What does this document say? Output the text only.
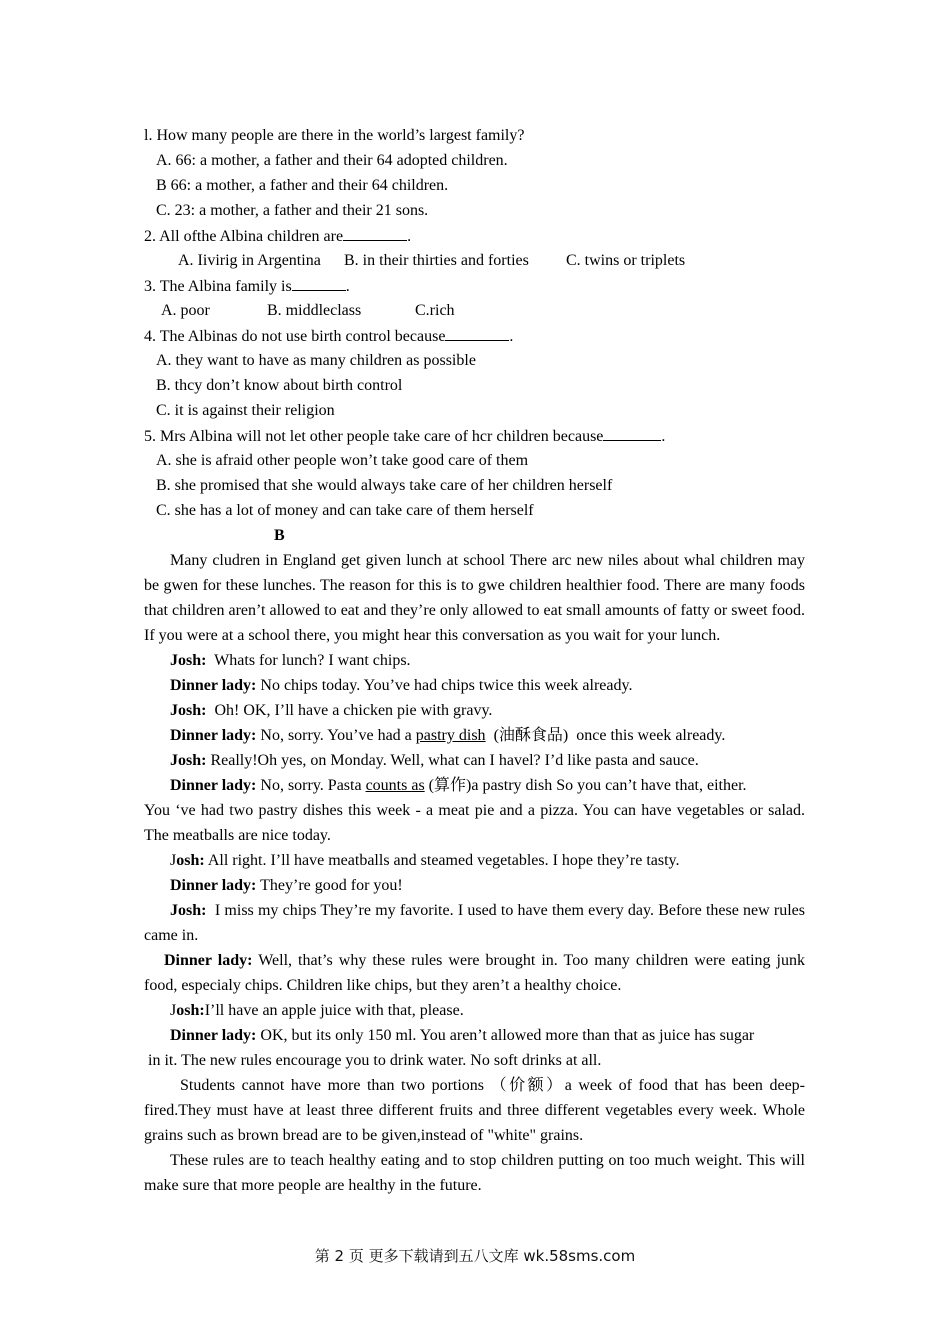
l. How many people are there in the world’s largest family?
A. 66: a mother, a father and their 64 adopted children.
B 66: a mother, a father and their 64 children.
C. 23: a mother, a father and their 21 sons.
2. All ofthe Albina children are	.
A. Iivirig in Argentina B. in their thirties and forties C. twins or triplets
3. The Albina family is	.
A. poor	B. middleclass	C.rich
4. The Albinas do not use birth control because	.
A. they want to have as many children as possible
B. thcy don’t know about birth control
C. it is against their religion
5. Mrs Albina will not let other people take care of hcr children because	.
A. she is afraid other people won’t take good care of them
B. she promised that she would always take care of her children herself
C. she has a lot of money and can take care of them herself
B

Many cludren in England get given lunch at school There arc new niles about whal children may be gwen for these lunches. The reason for this is to gwe children healthier food. There are many foods that children aren’t allowed to eat and they’re only allowed to eat small amounts of fatty or sweet food. If you were at a school there, you might hear this conversation as you wait for your lunch.

Josh: Whats for lunch? I want chips.

Dinner lady: No chips today. You’ve had chips twice this week already.

Josh: Oh! OK, I’ll have a chicken pie with gravy.

Dinner lady: No, sorry. You’ve had a pastry dish (油酥食品) once this week already.

Josh: Really!Oh yes, on Monday. Well, what can I havel? I’d like pasta and sauce.

Dinner lady: No, sorry. Pasta counts as (算作)a pastry dish So you can’t have that, either.

You ‘ve had two pastry dishes this week - a meat pie and a pizza. You can have vegetables or salad. The meatballs are nice today.

Josh: All right. I’ll have meatballs and steamed vegetables. I hope they’re tasty.

Dinner lady: They’re good for you!

Josh: I miss my chips They’re my favorite. I used to have them every day. Before these new rules came in.

Dinner lady: Well, that’s why these rules were brought in. Too many children were eating junk food, especialy chips. Children like chips, but they aren’t a healthy choice.

Josh:I’ll have an apple juice with that, please.

Dinner lady: OK, but its only 150 ml. You aren’t allowed more than that as juice has sugar

in it. The new rules encourage you to drink water. No soft drinks at all.

Students cannot have more than two portions （价额）a week of food that has been deep-fired.They must have at least three different fruits and three different vegetables every week. Whole grains such as brown bread are to be given,instead of "white" grains.

These rules are to teach healthy eating and to stop children putting on too much weight. This will make sure that more people are healthy in the future.

第 2 页 更多下载请到五八文库 wk.58sms.com
